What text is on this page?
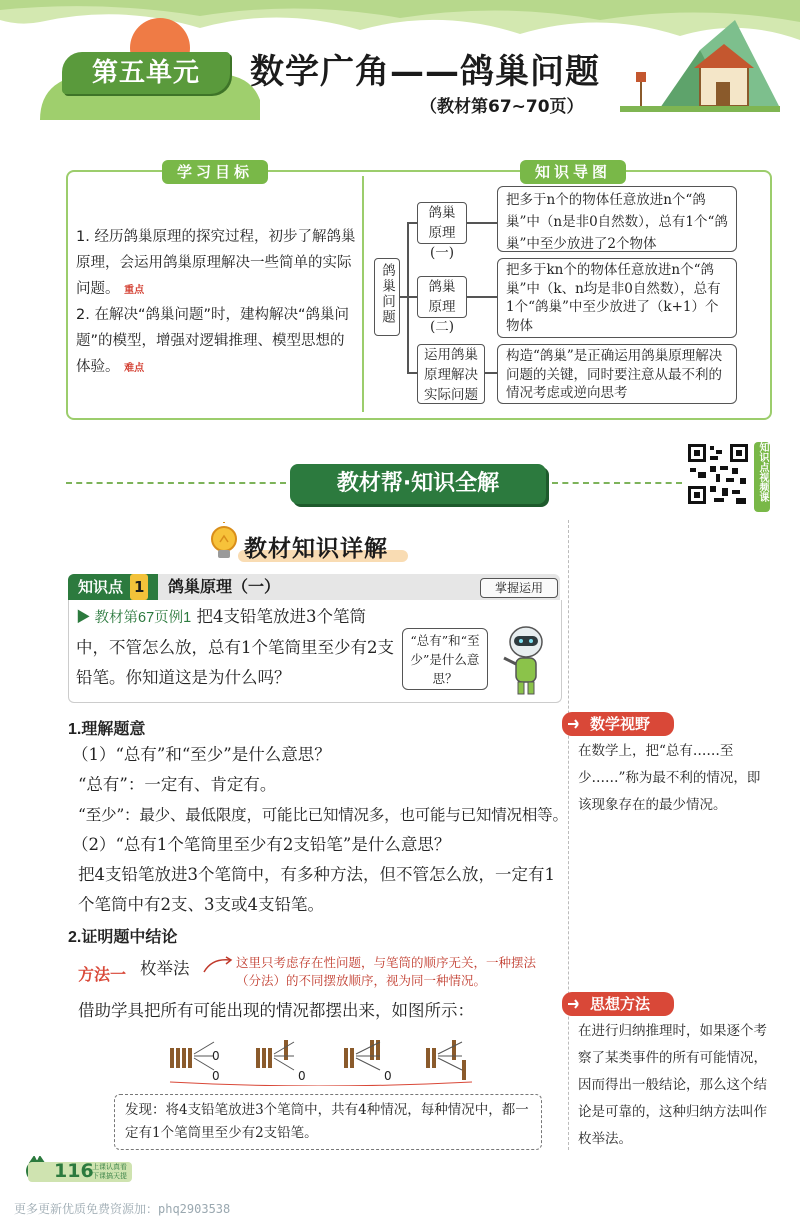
第五单元	数学广角——鸽巢问题
（教材第67~70页）
学习目标	知识导图
1. 经历鸽巢原理的探究过程，初步了解鸽巢原理，会运用鸽巢原理解决一些简单的实际问题。 重点
2. 在解决“鸽巢问题”时，建构解决“鸽巢问题”的模型，增强对逻辑推理、模型思想的体验。 难点
鸽巢问题
鸽巢原理(一)
鸽巢原理(二)
运用鸽巢原理解决实际问题
把多于n个的物体任意放进n个“鸽巢”中（n是非0自然数），总有1个“鸽巢”中至少放进了2个物体
把多于kn个的物体任意放进n个“鸽巢”中（k、n均是非0自然数），总有1个“鸽巢”中至少放进了（k+1）个物体
构造“鸽巢”是正确运用鸽巢原理解决问题的关键，同时要注意从最不利的情况考虑或逆向思考
知识点视频课
教材帮·知识全解
教材知识详解
知识点 1	鸽巢原理（一）	掌握运用
▶ 教材第67页例1 把4支铅笔放进3个笔筒中，不管怎么放，总有1个笔筒里至少有2支铅笔。你知道这是为什么吗？
“总有”和“至少”是什么意思？
1.理解题意
（1）“总有”和“至少”是什么意思？
“总有”：一定有、肯定有。
“至少”：最少、最低限度，可能比已知情况多，也可能与已知情况相等。
（2）“总有1个笔筒里至少有2支铅笔”是什么意思？
把4支铅笔放进3个笔筒中，有多种方法，但不管怎么放，一定有1个笔筒中有2支、3支或4支铅笔。
2.证明题中结论
方法一 枚举法	这里只考虑存在性问题，与笔筒的顺序无关，一种摆法（分法）的不同摆放顺序，视为同一种情况。
借助学具把所有可能出现的情况都摆出来，如图所示：
0
0	0	0
发现：将4支铅笔放进3个笔筒中，共有4种情况，每种情况中，都一定有1个笔筒里至少有2支铅笔。
数学视野
在数学上，把“总有……至少……”称为最不利的情况，即该现象存在的最少情况。
思想方法
在进行归纳推理时，如果逐个考察了某类事件的所有可能情况，因而得出一般结论，那么这个结论是可靠的，这种归纳方法叫作枚举法。
116
上课认真看
下课搞天提
更多更新优质免费资源加：phq2903538
